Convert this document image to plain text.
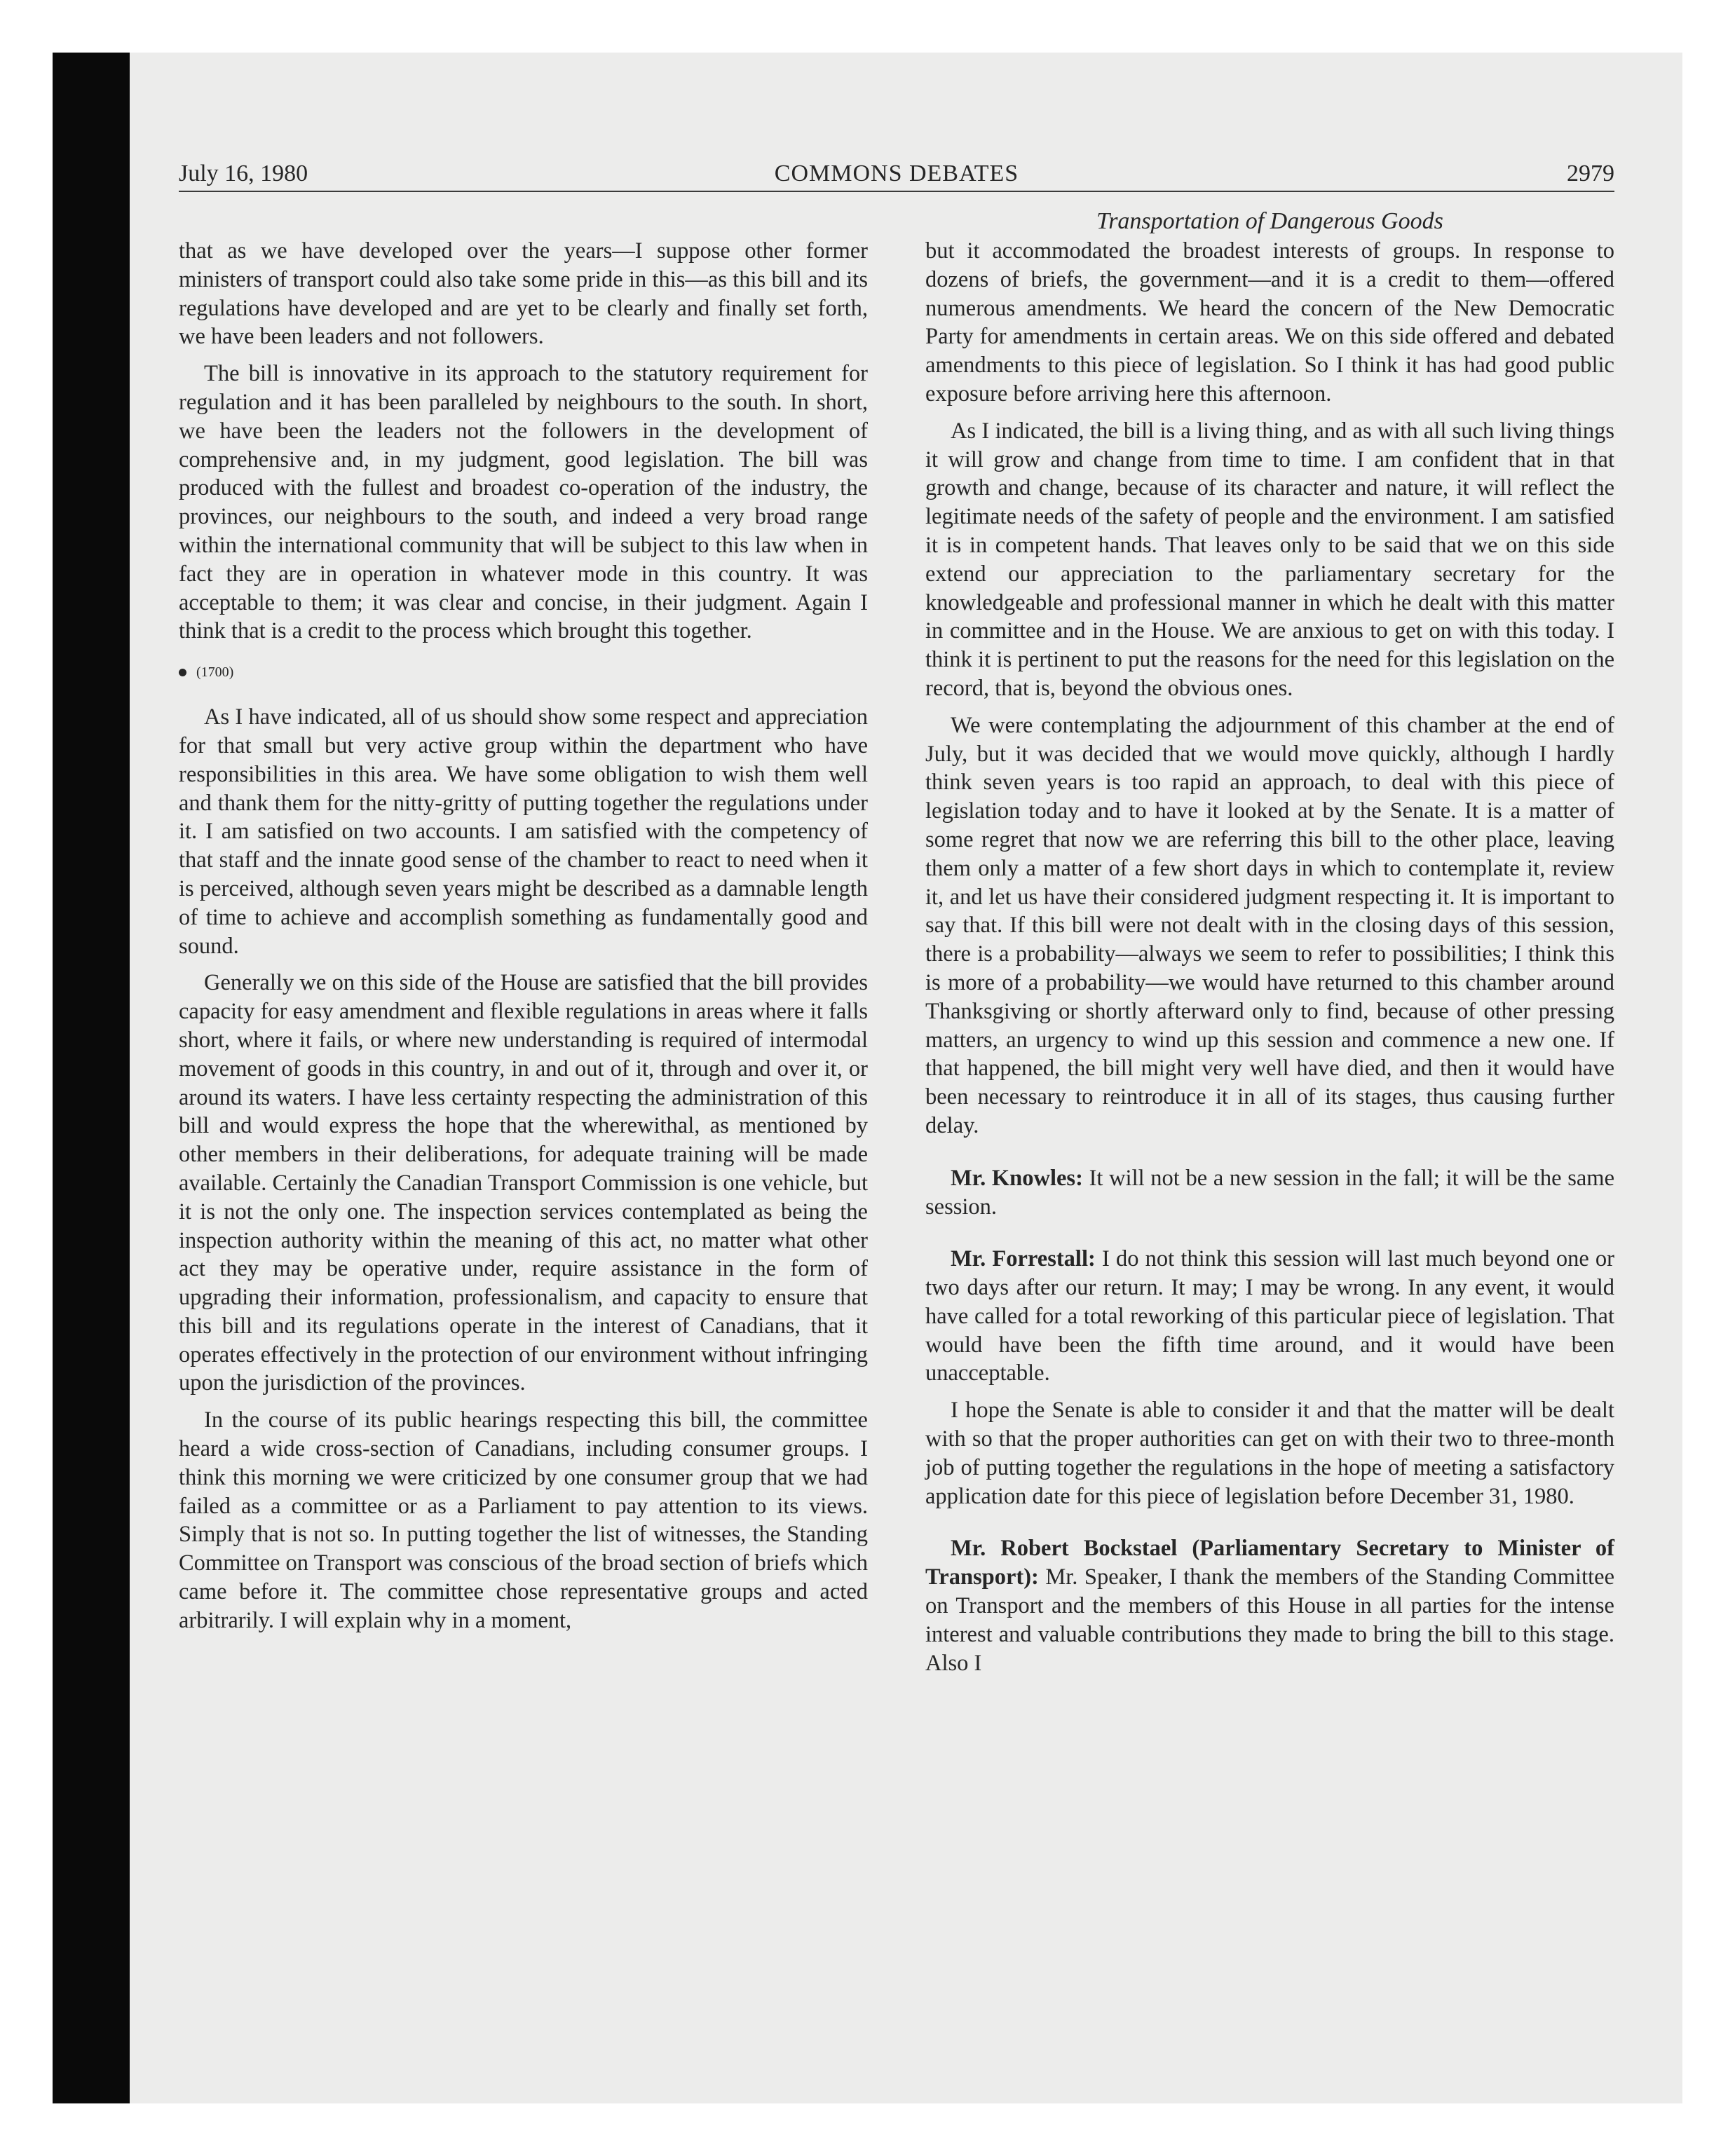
July 16, 1980	COMMONS DEBATES	2979
Transportation of Dangerous Goods

that as we have developed over the years—I suppose other former ministers of transport could also take some pride in this—as this bill and its regulations have developed and are yet to be clearly and finally set forth, we have been leaders and not followers.

The bill is innovative in its approach to the statutory requirement for regulation and it has been paralleled by neighbours to the south. In short, we have been the leaders not the followers in the development of comprehensive and, in my judgment, good legislation. The bill was produced with the fullest and broadest co-operation of the industry, the provinces, our neighbours to the south, and indeed a very broad range within the international community that will be subject to this law when in fact they are in operation in whatever mode in this country. It was acceptable to them; it was clear and concise, in their judgment. Again I think that is a credit to the process which brought this together.

(1700)

As I have indicated, all of us should show some respect and appreciation for that small but very active group within the department who have responsibilities in this area. We have some obligation to wish them well and thank them for the nitty-gritty of putting together the regulations under it. I am satisfied on two accounts. I am satisfied with the competency of that staff and the innate good sense of the chamber to react to need when it is perceived, although seven years might be described as a damnable length of time to achieve and accomplish something as fundamentally good and sound.

Generally we on this side of the House are satisfied that the bill provides capacity for easy amendment and flexible regulations in areas where it falls short, where it fails, or where new understanding is required of intermodal movement of goods in this country, in and out of it, through and over it, or around its waters. I have less certainty respecting the administration of this bill and would express the hope that the wherewithal, as mentioned by other members in their deliberations, for adequate training will be made available. Certainly the Canadian Transport Commission is one vehicle, but it is not the only one. The inspection services contemplated as being the inspection authority within the meaning of this act, no matter what other act they may be operative under, require assistance in the form of upgrading their information, professionalism, and capacity to ensure that this bill and its regulations operate in the interest of Canadians, that it operates effectively in the protection of our environment without infringing upon the jurisdiction of the provinces.

In the course of its public hearings respecting this bill, the committee heard a wide cross-section of Canadians, including consumer groups. I think this morning we were criticized by one consumer group that we had failed as a committee or as a Parliament to pay attention to its views. Simply that is not so. In putting together the list of witnesses, the Standing Committee on Transport was conscious of the broad section of briefs which came before it. The committee chose representative groups and acted arbitrarily. I will explain why in a moment,

but it accommodated the broadest interests of groups. In response to dozens of briefs, the government—and it is a credit to them—offered numerous amendments. We heard the concern of the New Democratic Party for amendments in certain areas. We on this side offered and debated amendments to this piece of legislation. So I think it has had good public exposure before arriving here this afternoon.

As I indicated, the bill is a living thing, and as with all such living things it will grow and change from time to time. I am confident that in that growth and change, because of its character and nature, it will reflect the legitimate needs of the safety of people and the environment. I am satisfied it is in competent hands. That leaves only to be said that we on this side extend our appreciation to the parliamentary secretary for the knowledgeable and professional manner in which he dealt with this matter in committee and in the House. We are anxious to get on with this today. I think it is pertinent to put the reasons for the need for this legislation on the record, that is, beyond the obvious ones.

We were contemplating the adjournment of this chamber at the end of July, but it was decided that we would move quickly, although I hardly think seven years is too rapid an approach, to deal with this piece of legislation today and to have it looked at by the Senate. It is a matter of some regret that now we are referring this bill to the other place, leaving them only a matter of a few short days in which to contemplate it, review it, and let us have their considered judgment respecting it. It is important to say that. If this bill were not dealt with in the closing days of this session, there is a probability—always we seem to refer to possibilities; I think this is more of a probability—we would have returned to this chamber around Thanksgiving or shortly afterward only to find, because of other pressing matters, an urgency to wind up this session and commence a new one. If that happened, the bill might very well have died, and then it would have been necessary to reintroduce it in all of its stages, thus causing further delay.

Mr. Knowles: It will not be a new session in the fall; it will be the same session.

Mr. Forrestall: I do not think this session will last much beyond one or two days after our return. It may; I may be wrong. In any event, it would have called for a total reworking of this particular piece of legislation. That would have been the fifth time around, and it would have been unacceptable.

I hope the Senate is able to consider it and that the matter will be dealt with so that the proper authorities can get on with their two to three-month job of putting together the regulations in the hope of meeting a satisfactory application date for this piece of legislation before December 31, 1980.

Mr. Robert Bockstael (Parliamentary Secretary to Minister of Transport): Mr. Speaker, I thank the members of the Standing Committee on Transport and the members of this House in all parties for the intense interest and valuable contributions they made to bring the bill to this stage. Also I
